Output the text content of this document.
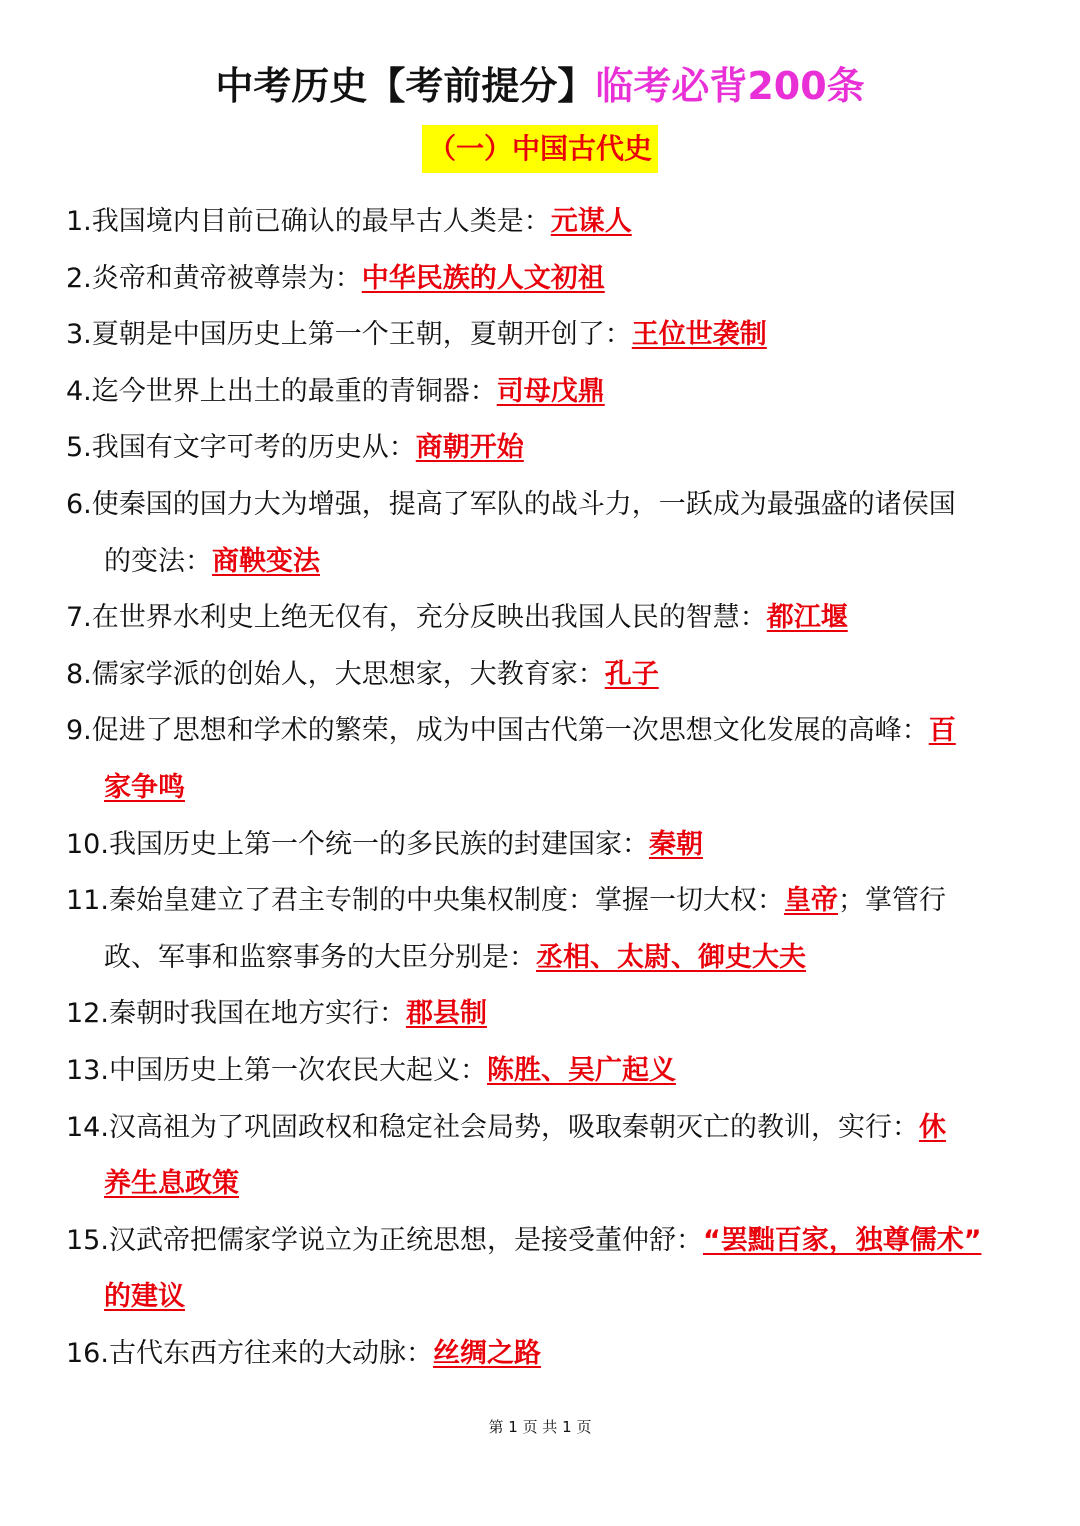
中考历史【考前提分】临考必背200条
（一）中国古代史
1.我国境内目前已确认的最早古人类是：元谋人
2.炎帝和黄帝被尊崇为：中华民族的人文初祖
3.夏朝是中国历史上第一个王朝，夏朝开创了：王位世袭制
4.迄今世界上出土的最重的青铜器：司母戊鼎
5.我国有文字可考的历史从：商朝开始
6.使秦国的国力大为增强，提高了军队的战斗力，一跃成为最强盛的诸侯国
的变法：商鞅变法
7.在世界水利史上绝无仅有，充分反映出我国人民的智慧：都江堰
8.儒家学派的创始人，大思想家，大教育家：孔子
9.促进了思想和学术的繁荣，成为中国古代第一次思想文化发展的高峰：百
家争鸣
10.我国历史上第一个统一的多民族的封建国家：秦朝
11.秦始皇建立了君主专制的中央集权制度：掌握一切大权：皇帝；掌管行
政、军事和监察事务的大臣分别是：丞相、太尉、御史大夫
12.秦朝时我国在地方实行：郡县制
13.中国历史上第一次农民大起义：陈胜、吴广起义
14.汉高祖为了巩固政权和稳定社会局势，吸取秦朝灭亡的教训，实行：休
养生息政策
15.汉武帝把儒家学说立为正统思想，是接受董仲舒：“罢黜百家，独尊儒术”
的建议
16.古代东西方往来的大动脉：丝绸之路
第 1 页 共 1 页
